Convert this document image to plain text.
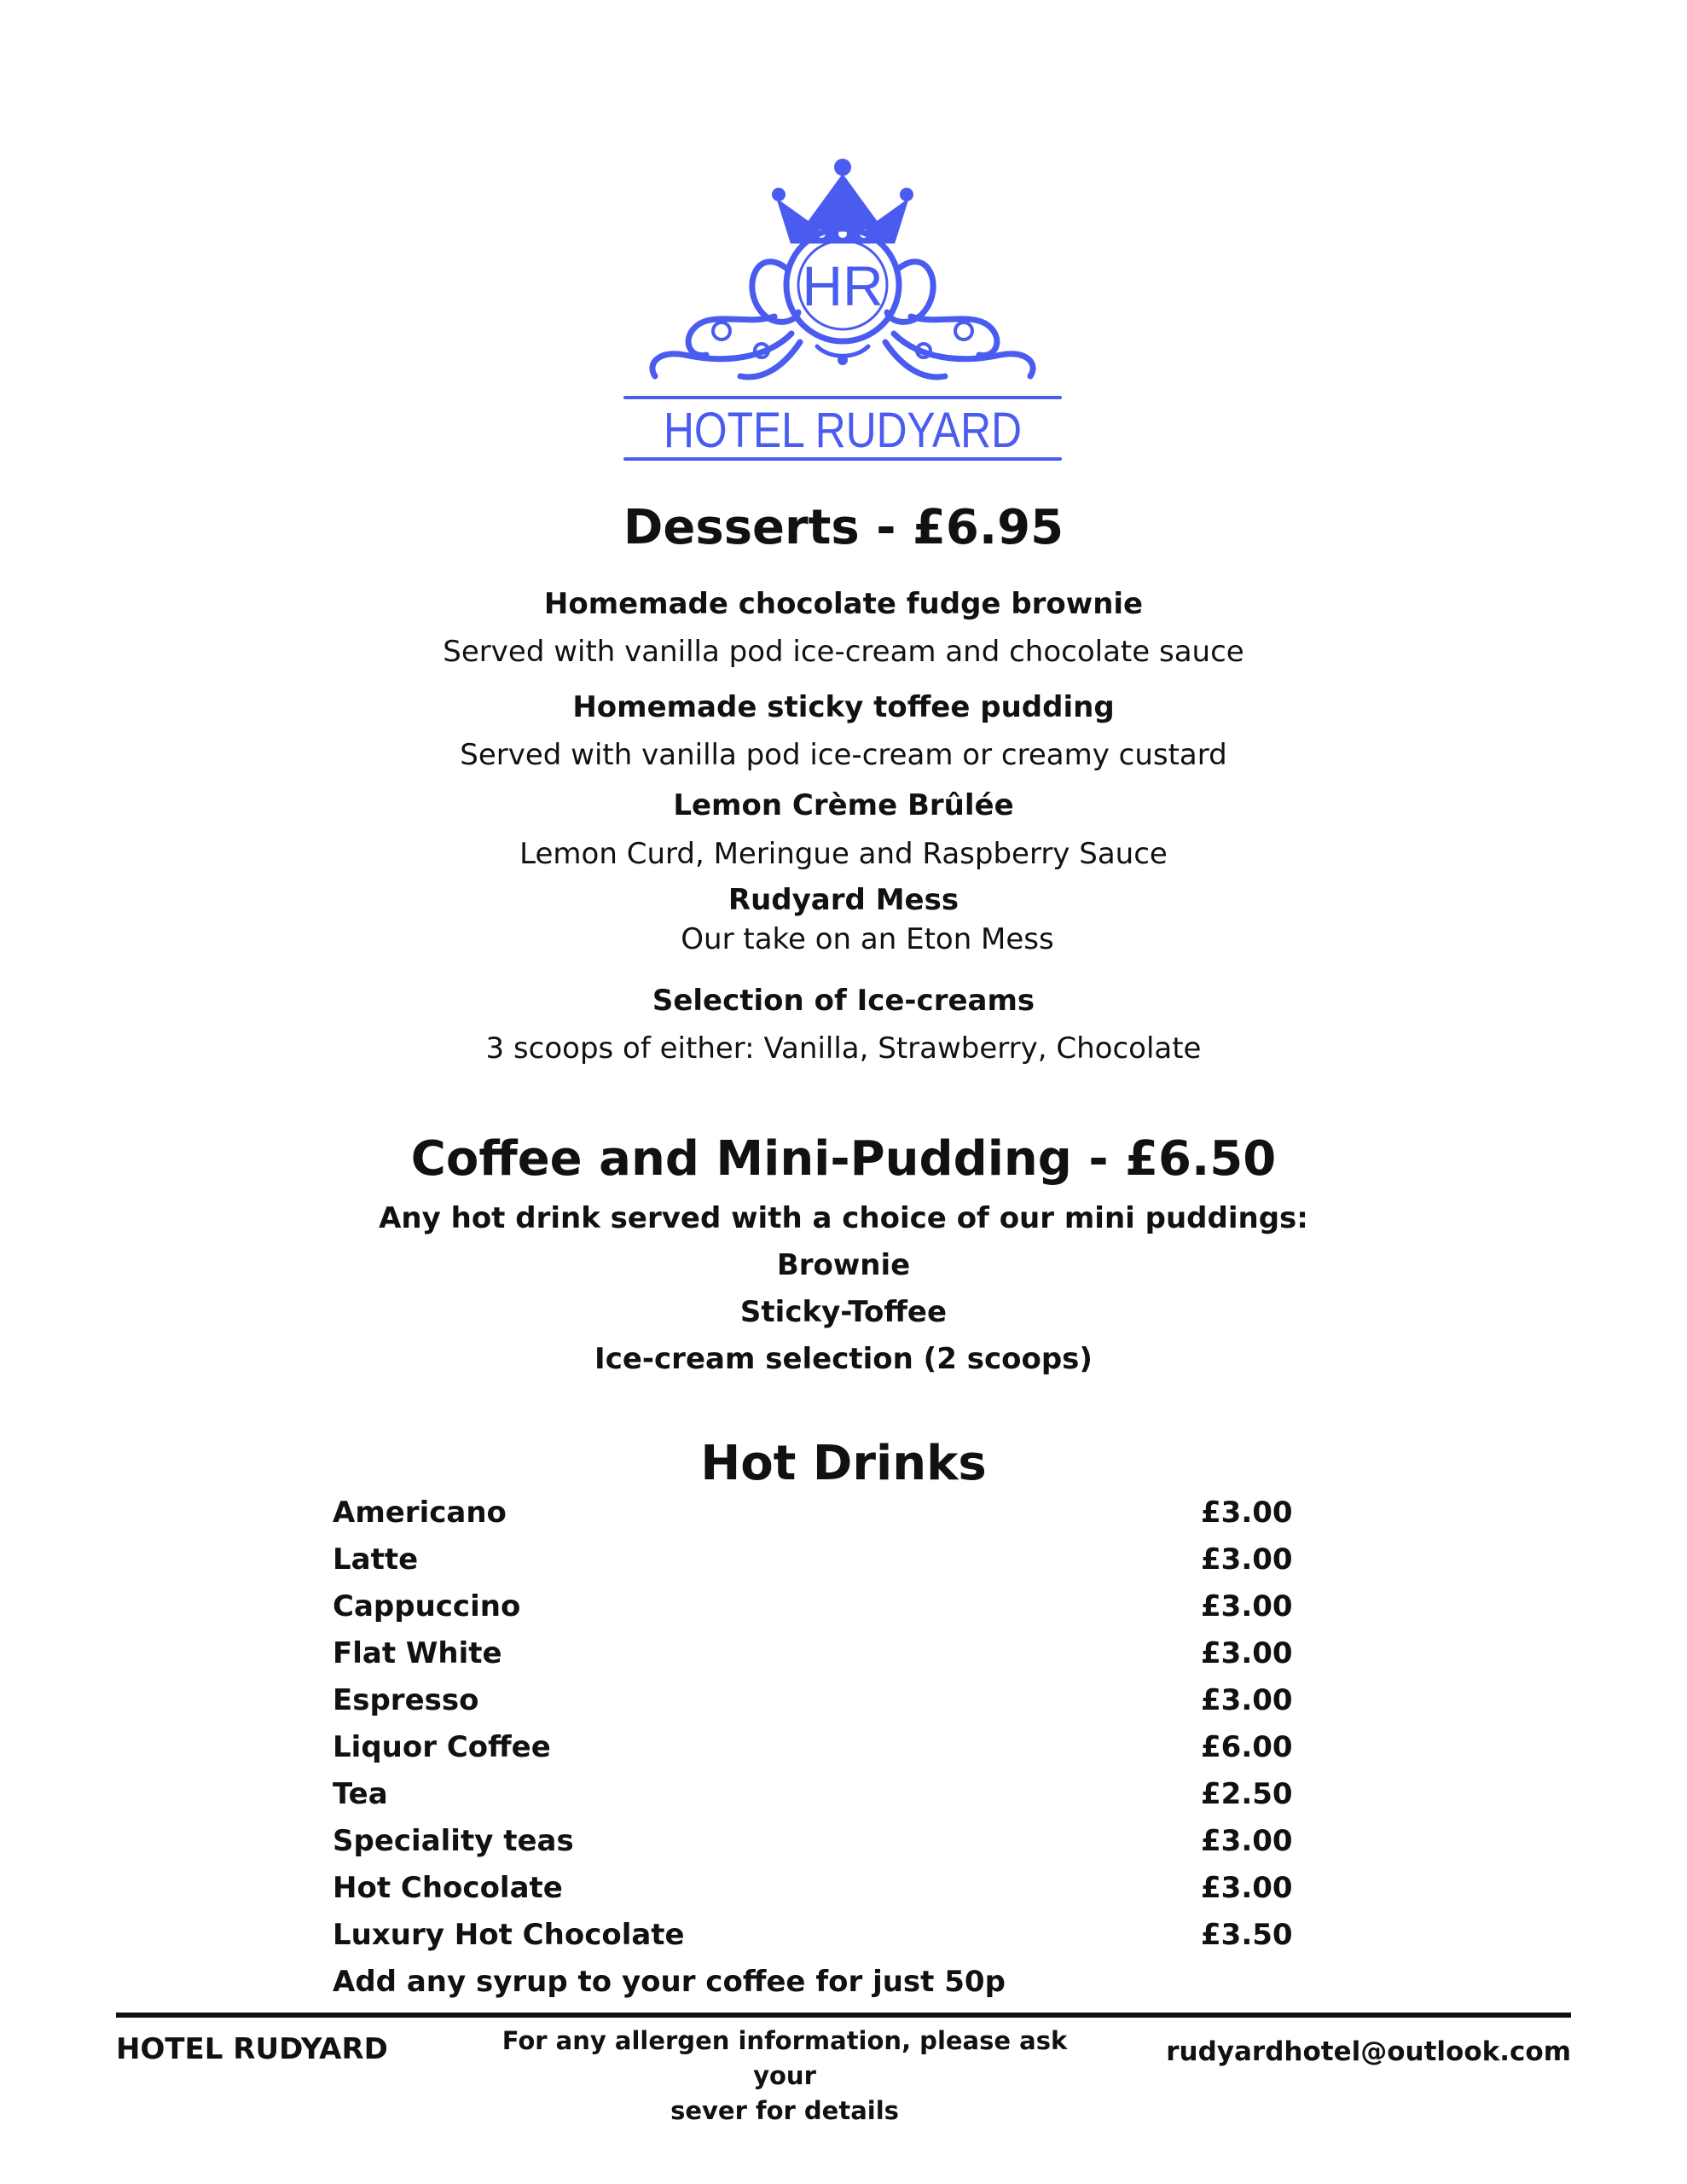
HR
HOTEL RUDYARD
Desserts - £6.95
Homemade chocolate fudge brownie
Served with vanilla pod ice-cream and chocolate sauce
Homemade sticky toffee pudding
Served with vanilla pod ice-cream or creamy custard
Lemon Crème Brûlée
Lemon Curd, Meringue and Raspberry Sauce
Rudyard Mess
Our take on an Eton Mess
Selection of Ice-creams
3 scoops of either: Vanilla, Strawberry, Chocolate
Coffee and Mini-Pudding - £6.50
Any hot drink served with a choice of our mini puddings:
Brownie
Sticky-Toffee
Ice-cream selection (2 scoops)
Hot Drinks
Americano	£3.00
Latte	£3.00
Cappuccino	£3.00
Flat White	£3.00
Espresso	£3.00
Liquor Coffee	£6.00
Tea	£2.50
Speciality teas	£3.00
Hot Chocolate	£3.00
Luxury Hot Chocolate	£3.50
Add any syrup to your coffee for just 50p
HOTEL RUDYARD	For any allergen information, please ask your
sever for details
rudyardhotel@outlook.com
